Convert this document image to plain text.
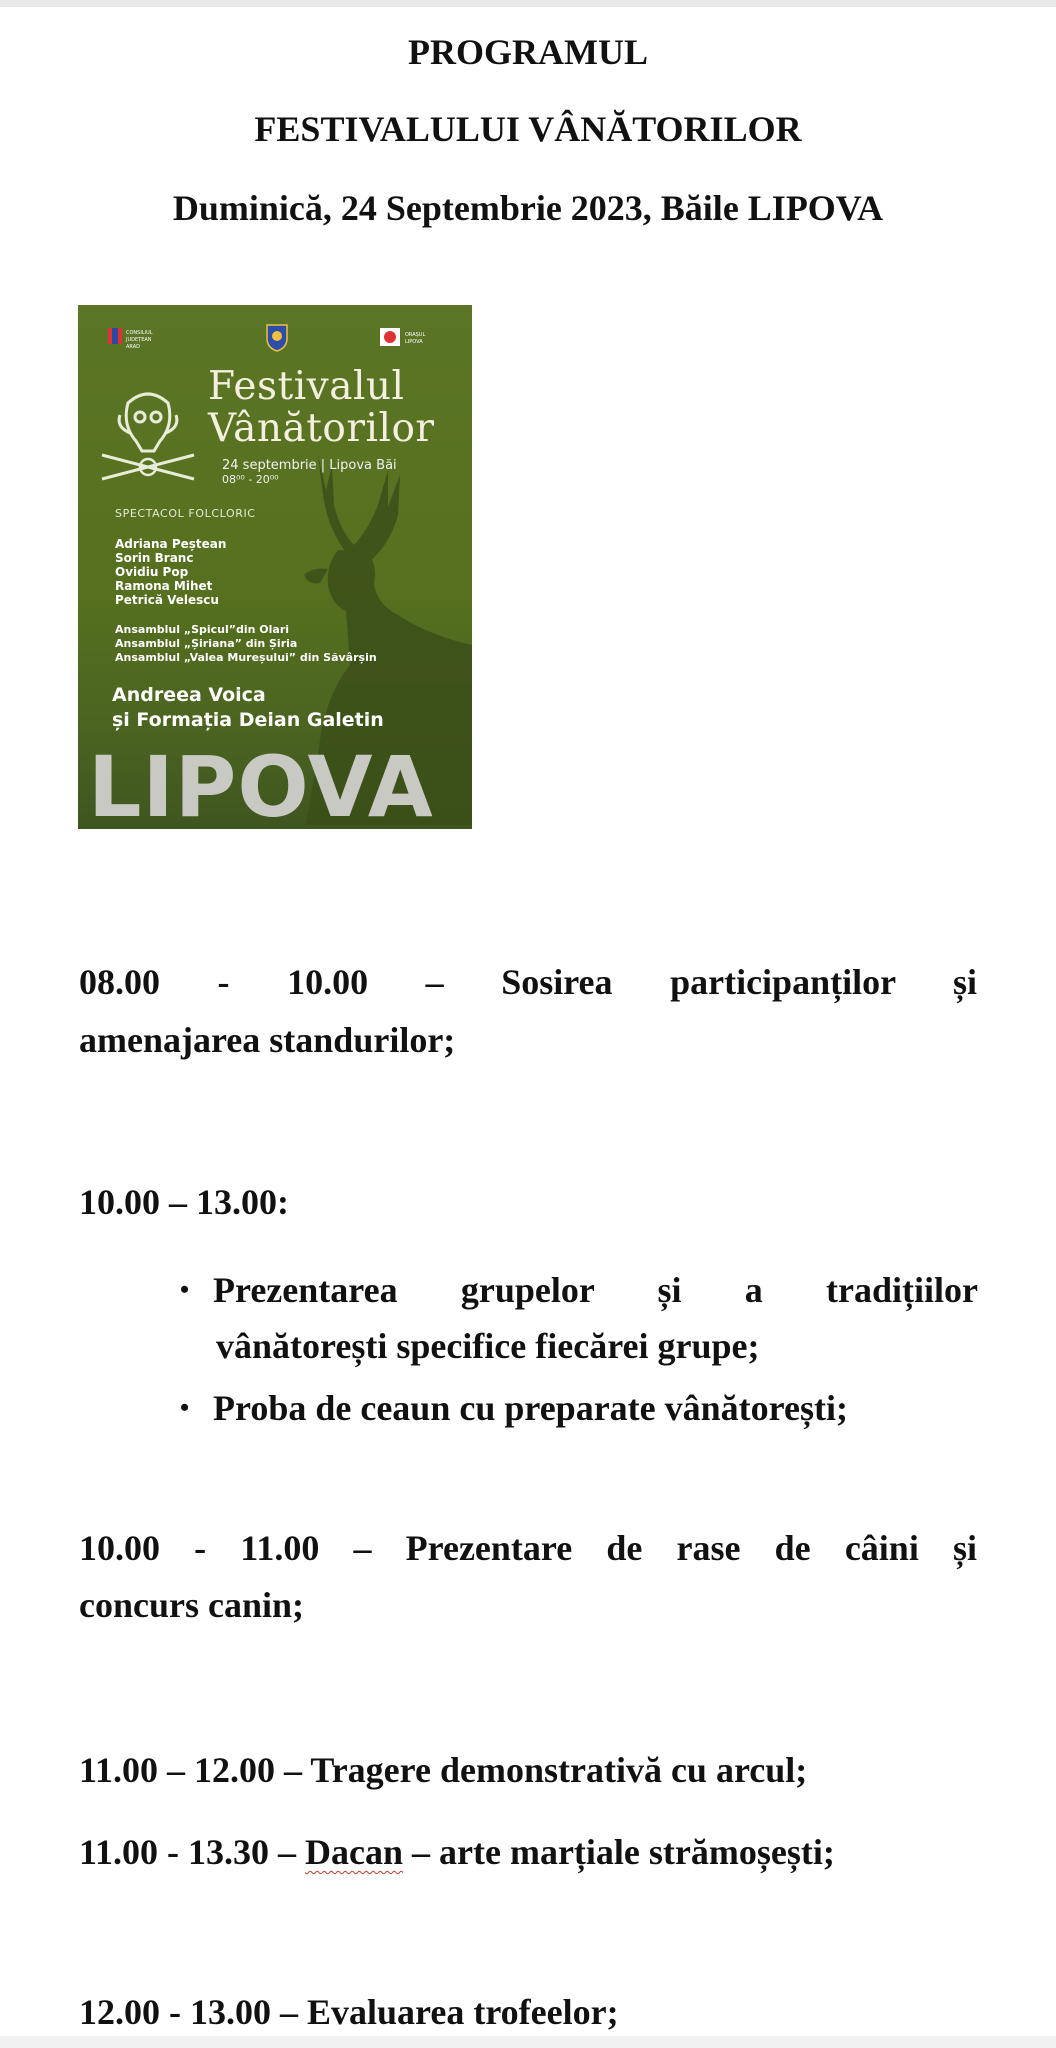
PROGRAMUL
FESTIVALULUI VÂNĂTORILOR
Duminică, 24 Septembrie 2023, Băile LIPOVA
CONSILIUL
JUDEȚEAN
ARAD
ORAȘUL
LIPOVA
Festivalul
Vânătorilor
24 septembrie | Lipova Băi
08⁰⁰ - 20⁰⁰
SPECTACOL FOLCLORIC
Adriana Peștean
Sorin Branc
Ovidiu Pop
Ramona Mihet
Petrică Velescu
Ansamblul „Spicul”din Olari
Ansamblul „Șiriana” din Șiria
Ansamblul „Valea Mureșului” din Săvârșin
Andreea Voica
și Formația Deian Galetin
LIPOVA
08.00 - 10.00 – Sosirea participanților și
amenajarea standurilor;
10.00 – 13.00:
• Prezentarea grupelor și a tradițiilor
vânătorești specifice fiecărei grupe;
• Proba de ceaun cu preparate vânătorești;
10.00 - 11.00 – Prezentare de rase de câini și
concurs canin;
11.00 – 12.00 – Tragere demonstrativă cu arcul;
11.00 - 13.30 – Dacan – arte marțiale strămoșești;
12.00 - 13.00 – Evaluarea trofeelor;
